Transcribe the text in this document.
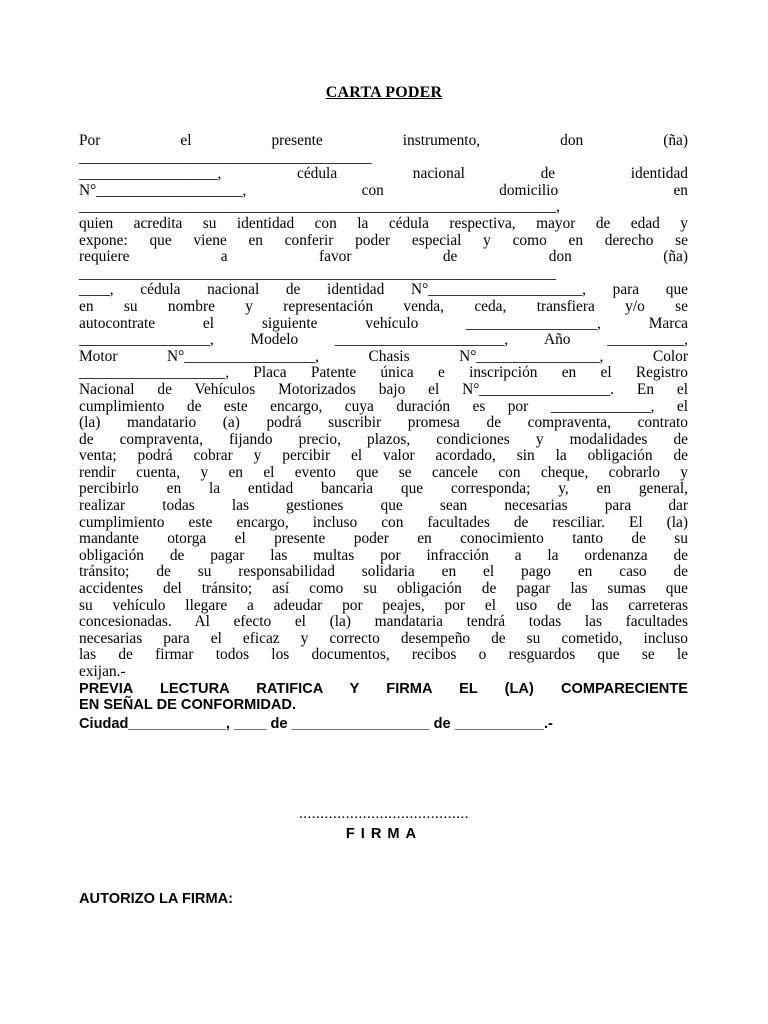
CARTA PODER
Por el presente instrumento, don (ña)
______________________________________
__________________, cédula nacional de identidad
N°___________________, con domicilio en
______________________________________________________________,
quien acredita su identidad con la cédula respectiva, mayor de edad y
expone: que viene en conferir poder especial y como en derecho se
requiere a favor de don (ña)
______________________________________________________________
____, cédula nacional de identidad N°____________________, para que
en su nombre y representación venda, ceda, transfiera y/o se
autocontrate el siguiente vehículo _________________, Marca
_________________, Modelo ______________________, Año __________,
Motor N°_________________, Chasis N°________________, Color
___________________, Placa Patente única e inscripción en el Registro
Nacional de Vehículos Motorizados bajo el N°_________________. En el
cumplimiento de este encargo, cuya duración es por _____________, el
(la) mandatario (a) podrá suscribir promesa de compraventa, contrato
de compraventa, fijando precio, plazos, condiciones y modalidades de
venta; podrá cobrar y percibir el valor acordado, sin la obligación de
rendir cuenta, y en el evento que se cancele con cheque, cobrarlo y
percibirlo en la entidad bancaria que corresponda; y, en general,
realizar todas las gestiones que sean necesarias para dar
cumplimiento este encargo, incluso con facultades de resciliar. El (la)
mandante otorga el presente poder en conocimiento tanto de su
obligación de pagar las multas por infracción a la ordenanza de
tránsito; de su responsabilidad solidaria en el pago en caso de
accidentes del tránsito; así como su obligación de pagar las sumas que
su vehículo llegare a adeudar por peajes, por el uso de las carreteras
concesionadas. Al efecto el (la) mandataria tendrá todas las facultades
necesarias para el eficaz y correcto desempeño de su cometido, incluso
las de firmar todos los documentos, recibos o resguardos que se le
exijan.-
PREVIA LECTURA RATIFICA Y FIRMA EL (LA) COMPARECIENTE
EN SEÑAL DE CONFORMIDAD.
Ciudad____________, ____ de _________________ de ___________.-
........................................
FIRMA
AUTORIZO LA FIRMA:
